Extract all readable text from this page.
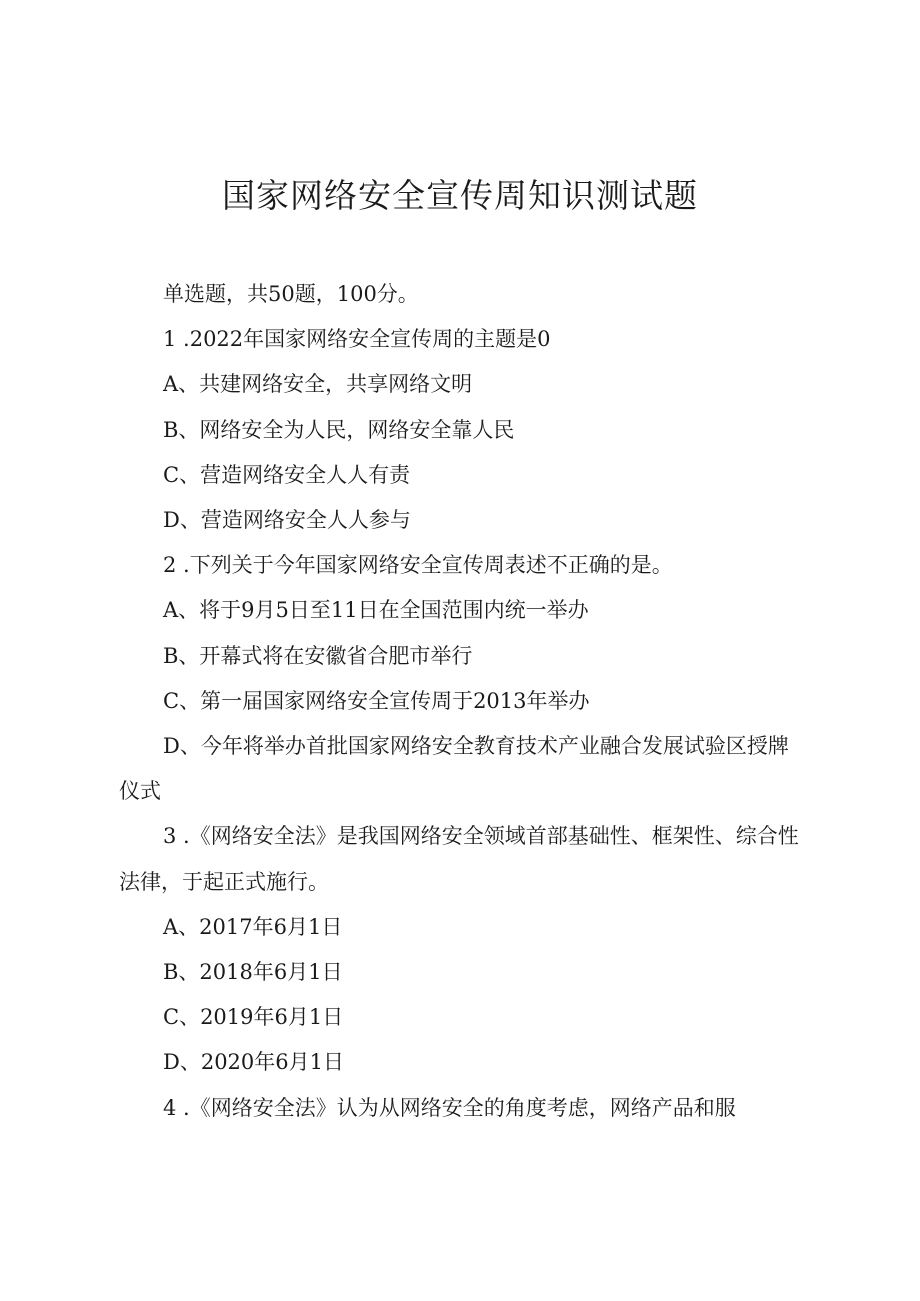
国家网络安全宣传周知识测试题
单选题，共50题，100分。
1 .2022年国家网络安全宣传周的主题是0
A、共建网络安全，共享网络文明
B、网络安全为人民，网络安全靠人民
C、营造网络安全人人有责
D、营造网络安全人人参与
2 .下列关于今年国家网络安全宣传周表述不正确的是。
A、将于9月5日至11日在全国范围内统一举办
B、开幕式将在安徽省合肥市举行
C、第一届国家网络安全宣传周于2013年举办
D、今年将举办首批国家网络安全教育技术产业融合发展试验区授牌仪式
3 .《网络安全法》是我国网络安全领域首部基础性、框架性、综合性法律，于起正式施行。
A、2017年6月1日
B、2018年6月1日
C、2019年6月1日
D、2020年6月1日
4 .《网络安全法》认为从网络安全的角度考虑，网络产品和服
